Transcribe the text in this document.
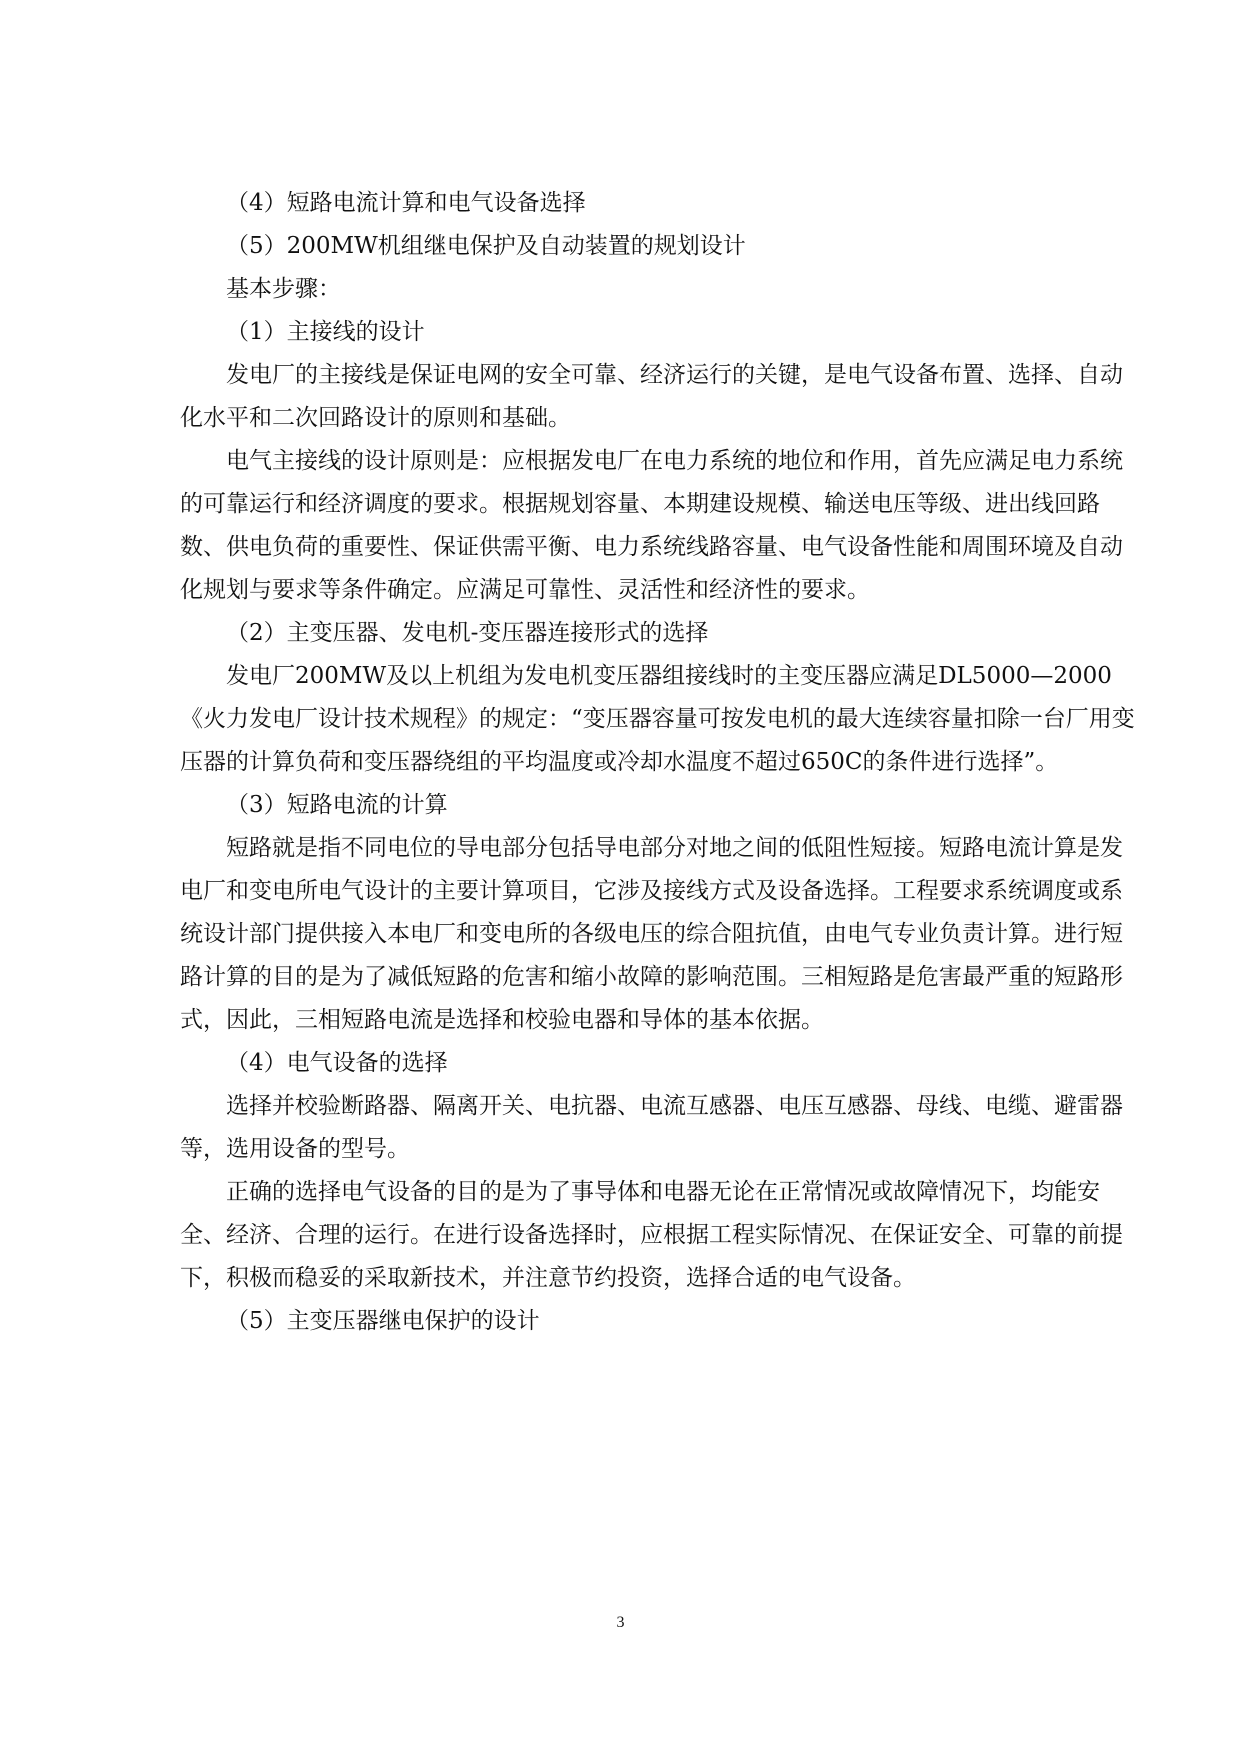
（4）短路电流计算和电气设备选择

（5）200MW机组继电保护及自动装置的规划设计

基本步骤：

（1）主接线的设计

发电厂的主接线是保证电网的安全可靠、经济运行的关键，是电气设备布置、选择、自动化水平和二次回路设计的原则和基础。

电气主接线的设计原则是：应根据发电厂在电力系统的地位和作用，首先应满足电力系统的可靠运行和经济调度的要求。根据规划容量、本期建设规模、输送电压等级、进出线回路数、供电负荷的重要性、保证供需平衡、电力系统线路容量、电气设备性能和周围环境及自动化规划与要求等条件确定。应满足可靠性、灵活性和经济性的要求。

（2）主变压器、发电机-变压器连接形式的选择

发电厂200MW及以上机组为发电机变压器组接线时的主变压器应满足DL5000—2000《火力发电厂设计技术规程》的规定：“变压器容量可按发电机的最大连续容量扣除一台厂用变压器的计算负荷和变压器绕组的平均温度或冷却水温度不超过650C的条件进行选择”。

（3）短路电流的计算

短路就是指不同电位的导电部分包括导电部分对地之间的低阻性短接。短路电流计算是发电厂和变电所电气设计的主要计算项目，它涉及接线方式及设备选择。工程要求系统调度或系统设计部门提供接入本电厂和变电所的各级电压的综合阻抗值，由电气专业负责计算。进行短路计算的目的是为了减低短路的危害和缩小故障的影响范围。三相短路是危害最严重的短路形式，因此，三相短路电流是选择和校验电器和导体的基本依据。

（4）电气设备的选择

选择并校验断路器、隔离开关、电抗器、电流互感器、电压互感器、母线、电缆、避雷器等，选用设备的型号。

正确的选择电气设备的目的是为了事导体和电器无论在正常情况或故障情况下，均能安全、经济、合理的运行。在进行设备选择时，应根据工程实际情况、在保证安全、可靠的前提下，积极而稳妥的采取新技术，并注意节约投资，选择合适的电气设备。

（5）主变压器继电保护的设计

3
